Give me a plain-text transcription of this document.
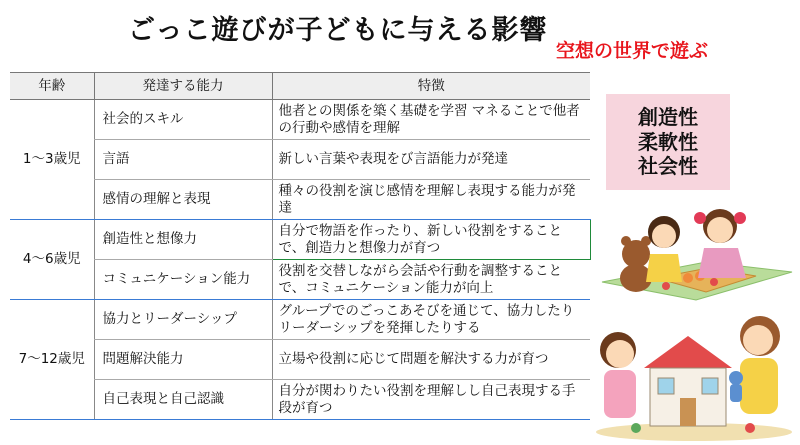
ごっこ遊びが子どもに与える影響
空想の世界で遊ぶ
年齢	発達する能力	特徴
1～3歳児	社会的スキル	他者との関係を築く基礎を学習 マネることで他者の行動や感情を理解
	言語	新しい言葉や表現をび言語能力が発達
	感情の理解と表現	種々の役割を演じ感情を理解し表現する能力が発達
4～6歳児	創造性と想像力	自分で物語を作ったり、新しい役割をすることで、創造力と想像力が育つ
	コミュニケーション能力	役割を交替しながら会話や行動を調整することで、コミュニケーション能力が向上
7～12歳児	協力とリーダーシップ	グループでのごっこあそびを通じて、協力したりリーダーシップを発揮したりする
	問題解決能力	立場や役割に応じて問題を解決する力が育つ
	自己表現と自己認識	自分が関わりたい役割を理解しし自己表現する手段が育つ
創造性
柔軟性
社会性
